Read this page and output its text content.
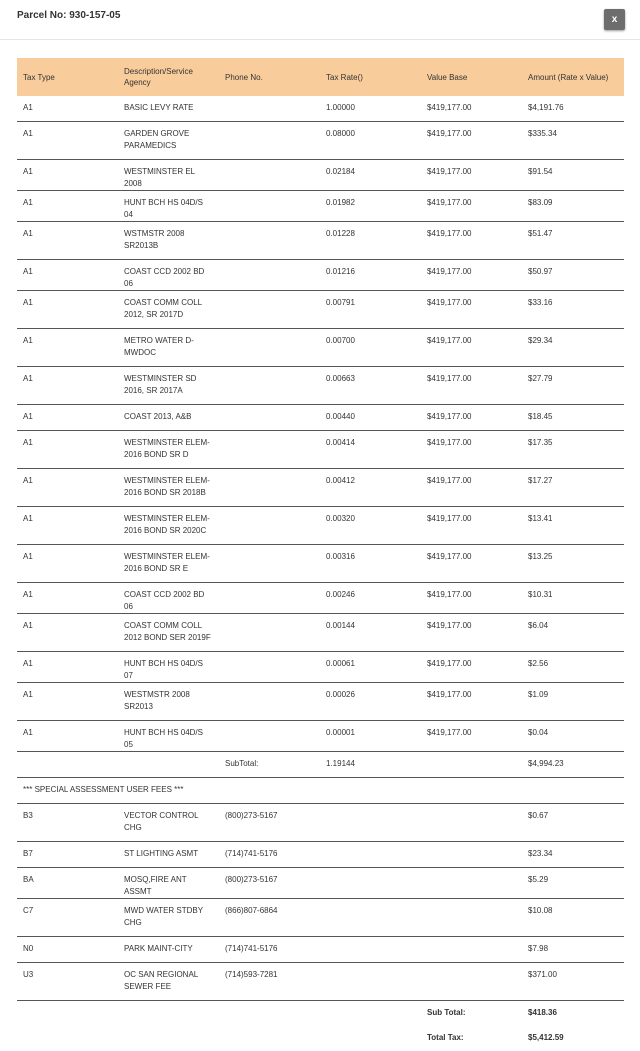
Parcel No: 930-157-05	x
Tax Type	Description/Service Agency	Phone No.	Tax Rate()	Value Base	Amount (Rate x Value)
A1	BASIC LEVY RATE		1.00000	$419,177.00	$4,191.76
A1	GARDEN GROVE PARAMEDICS		0.08000	$419,177.00	$335.34
A1	WESTMINSTER EL 2008		0.02184	$419,177.00	$91.54
A1	HUNT BCH HS 04D/S 04		0.01982	$419,177.00	$83.09
A1	WSTMSTR 2008 SR2013B		0.01228	$419,177.00	$51.47
A1	COAST CCD 2002 BD 06		0.01216	$419,177.00	$50.97
A1	COAST COMM COLL 2012, SR 2017D		0.00791	$419,177.00	$33.16
A1	METRO WATER D-MWDOC		0.00700	$419,177.00	$29.34
A1	WESTMINSTER SD 2016, SR 2017A		0.00663	$419,177.00	$27.79
A1	COAST 2013, A&B		0.00440	$419,177.00	$18.45
A1	WESTMINSTER ELEM-2016 BOND SR D		0.00414	$419,177.00	$17.35
A1	WESTMINSTER ELEM-2016 BOND SR 2018B		0.00412	$419,177.00	$17.27
A1	WESTMINSTER ELEM-2016 BOND SR 2020C		0.00320	$419,177.00	$13.41
A1	WESTMINSTER ELEM-2016 BOND SR E		0.00316	$419,177.00	$13.25
A1	COAST CCD 2002 BD 06		0.00246	$419,177.00	$10.31
A1	COAST COMM COLL 2012 BOND SER 2019F		0.00144	$419,177.00	$6.04
A1	HUNT BCH HS 04D/S 07		0.00061	$419,177.00	$2.56
A1	WESTMSTR 2008 SR2013		0.00026	$419,177.00	$1.09
A1	HUNT BCH HS 04D/S 05		0.00001	$419,177.00	$0.04
		SubTotal:	1.19144		$4,994.23
*** SPECIAL ASSESSMENT USER FEES ***					
B3	VECTOR CONTROL CHG	(800)273-5167			$0.67
B7	ST LIGHTING ASMT	(714)741-5176			$23.34
BA	MOSQ,FIRE ANT ASSMT	(800)273-5167			$5.29
C7	MWD WATER STDBY CHG	(866)807-6864			$10.08
N0	PARK MAINT-CITY	(714)741-5176			$7.98
U3	OC SAN REGIONAL SEWER FEE	(714)593-7281			$371.00
				Sub Total:	$418.36
				Total Tax:	$5,412.59
